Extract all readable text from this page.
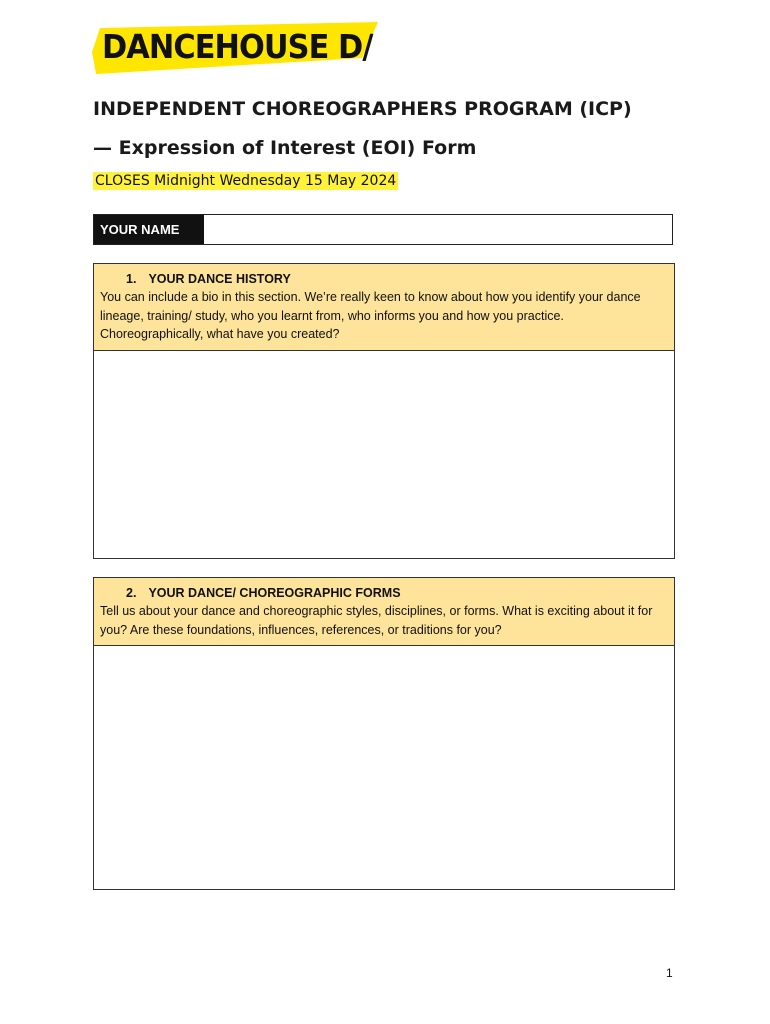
DANCEHOUSE D/
INDEPENDENT CHOREOGRAPHERS PROGRAM (ICP)
— Expression of Interest (EOI) Form
CLOSES Midnight Wednesday 15 May 2024
YOUR NAME
1. YOUR DANCE HISTORY
You can include a bio in this section. We’re really keen to know about how you identify your dance lineage, training/ study, who you learnt from, who informs you and how you practice. Choreographically, what have you created?
2. YOUR DANCE/ CHOREOGRAPHIC FORMS
Tell us about your dance and choreographic styles, disciplines, or forms. What is exciting about it for you? Are these foundations, influences, references, or traditions for you?
1
